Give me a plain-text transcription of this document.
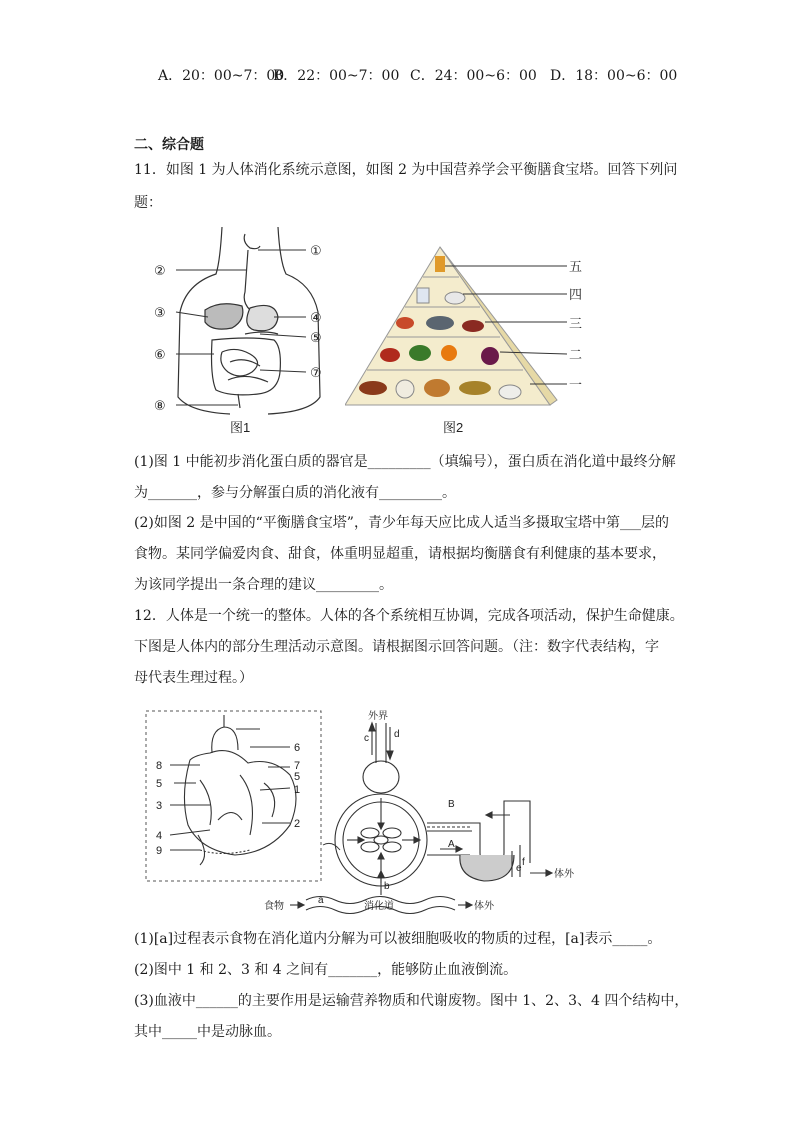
A．20：00~7：00
B．22：00~7：00 C．24：00~6：00 D．18：00~6：00
二、综合题
11．如图 1 为人体消化系统示意图，如图 2 为中国营养学会平衡膳食宝塔。回答下列问
题：
①
②
③	④
⑤
⑥
⑦
⑧
图1
五
四
三
二
一
图2
(1)图 1 中能初步消化蛋白质的器官是_________（填编号），蛋白质在消化道中最终分解
为_______，参与分解蛋白质的消化液有_________。
(2)如图 2 是中国的“平衡膳食宝塔”，青少年每天应比成人适当多摄取宝塔中第___层的
食物。某同学偏爱肉食、甜食，体重明显超重，请根据均衡膳食有利健康的基本要求，
为该同学提出一条合理的建议_________。
12．人体是一个统一的整体。人体的各个系统相互协调，完成各项活动，保护生命健康。
下图是人体内的部分生理活动示意图。请根据图示回答问题。（注：数字代表结构，字
母代表生理过程。）
6
7
5
1
2
8
5
3
4
9
外界
c	d
B
A
e
f
体外
食物
a
b
消化道	体外
(1)[a]过程表示食物在消化道内分解为可以被细胞吸收的物质的过程，[a]表示_____。
(2)图中 1 和 2、3 和 4 之间有_______，能够防止血液倒流。
(3)血液中______的主要作用是运输营养物质和代谢废物。图中 1、2、3、4 四个结构中，
其中_____中是动脉血。
